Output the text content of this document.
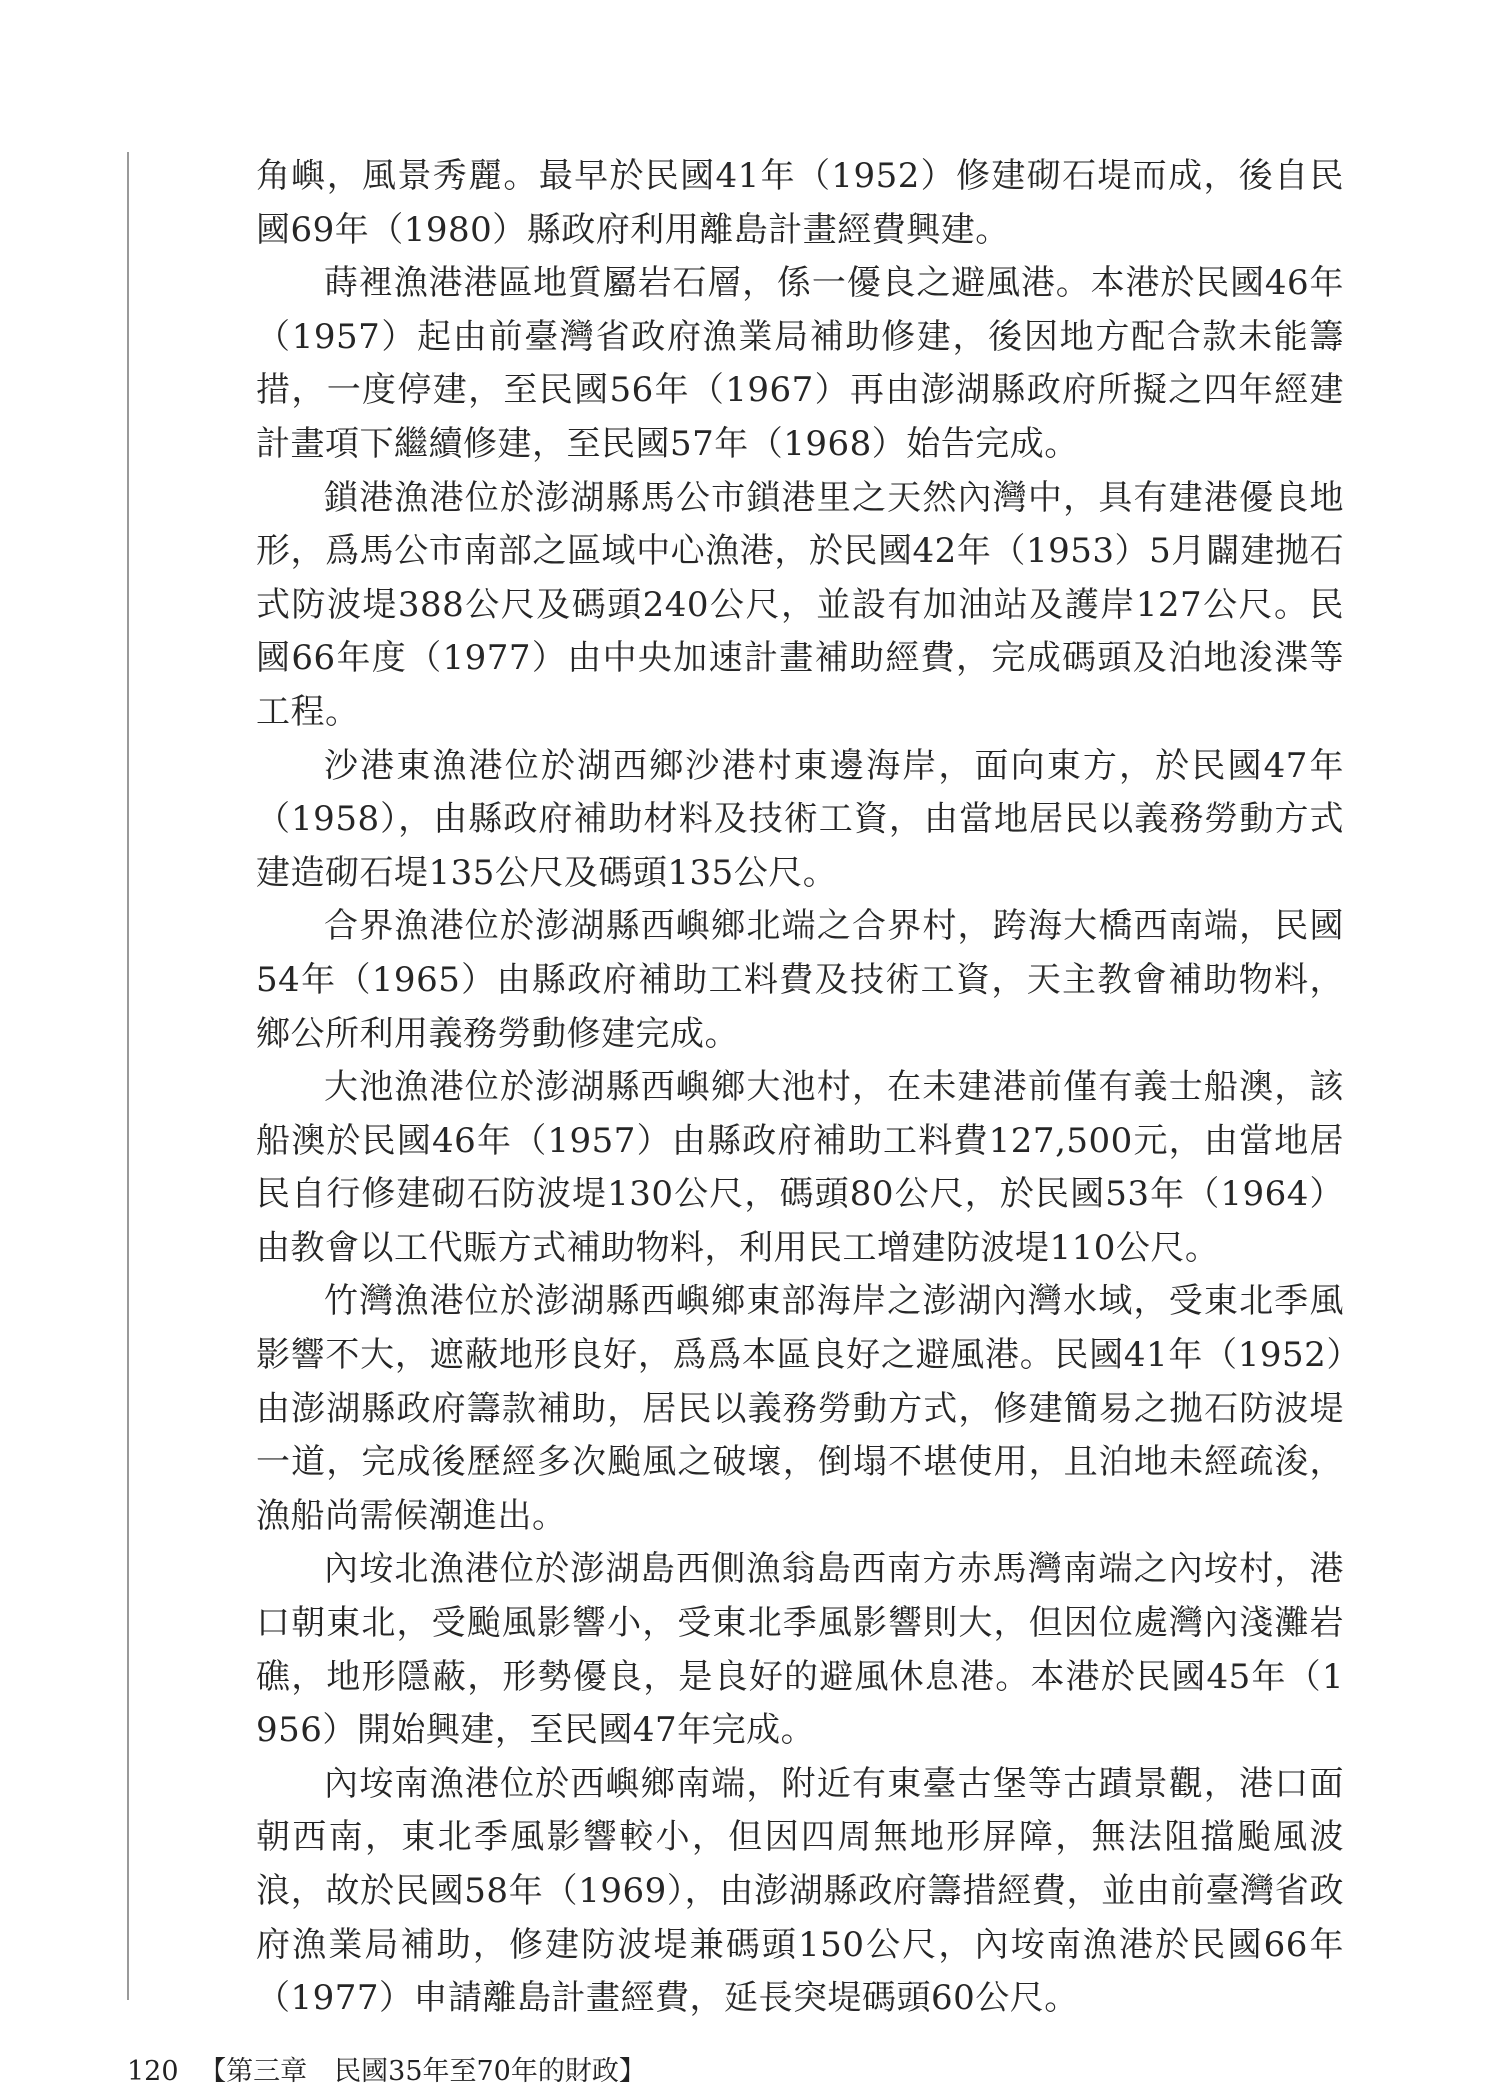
角嶼，風景秀麗。最早於民國41年（1952）修建砌石堤而成，後自民國69年（1980）縣政府利用離島計畫經費興建。

蒔裡漁港港區地質屬岩石層，係一優良之避風港。本港於民國46年（1957）起由前臺灣省政府漁業局補助修建，後因地方配合款未能籌措，一度停建，至民國56年（1967）再由澎湖縣政府所擬之四年經建計畫項下繼續修建，至民國57年（1968）始告完成。

鎖港漁港位於澎湖縣馬公市鎖港里之天然內灣中，具有建港優良地形，爲馬公市南部之區域中心漁港，於民國42年（1953）5月闢建拋石式防波堤388公尺及碼頭240公尺，並設有加油站及護岸127公尺。民國66年度（1977）由中央加速計畫補助經費，完成碼頭及泊地浚渫等工程。

沙港東漁港位於湖西鄉沙港村東邊海岸，面向東方，於民國47年（1958），由縣政府補助材料及技術工資，由當地居民以義務勞動方式建造砌石堤135公尺及碼頭135公尺。

合界漁港位於澎湖縣西嶼鄉北端之合界村，跨海大橋西南端，民國54年（1965）由縣政府補助工料費及技術工資，天主教會補助物料，鄉公所利用義務勞動修建完成。

大池漁港位於澎湖縣西嶼鄉大池村，在未建港前僅有義士船澳，該船澳於民國46年（1957）由縣政府補助工料費127,500元，由當地居民自行修建砌石防波堤130公尺，碼頭80公尺，於民國53年（1964）由教會以工代賑方式補助物料，利用民工增建防波堤110公尺。

竹灣漁港位於澎湖縣西嶼鄉東部海岸之澎湖內灣水域，受東北季風影響不大，遮蔽地形良好，爲爲本區良好之避風港。民國41年（1952）由澎湖縣政府籌款補助，居民以義務勞動方式，修建簡易之拋石防波堤一道，完成後歷經多次颱風之破壞，倒塌不堪使用，且泊地未經疏浚，漁船尚需候潮進出。

內垵北漁港位於澎湖島西側漁翁島西南方赤馬灣南端之內垵村，港口朝東北，受颱風影響小，受東北季風影響則大，但因位處灣內淺灘岩礁，地形隱蔽，形勢優良，是良好的避風休息港。本港於民國45年（1956）開始興建，至民國47年完成。

內垵南漁港位於西嶼鄉南端，附近有東臺古堡等古蹟景觀，港口面朝西南，東北季風影響較小，但因四周無地形屏障，無法阻擋颱風波浪，故於民國58年（1969），由澎湖縣政府籌措經費，並由前臺灣省政府漁業局補助，修建防波堤兼碼頭150公尺，內垵南漁港於民國66年（1977）申請離島計畫經費，延長突堤碼頭60公尺。

120 【第三章　民國35年至70年的財政】
